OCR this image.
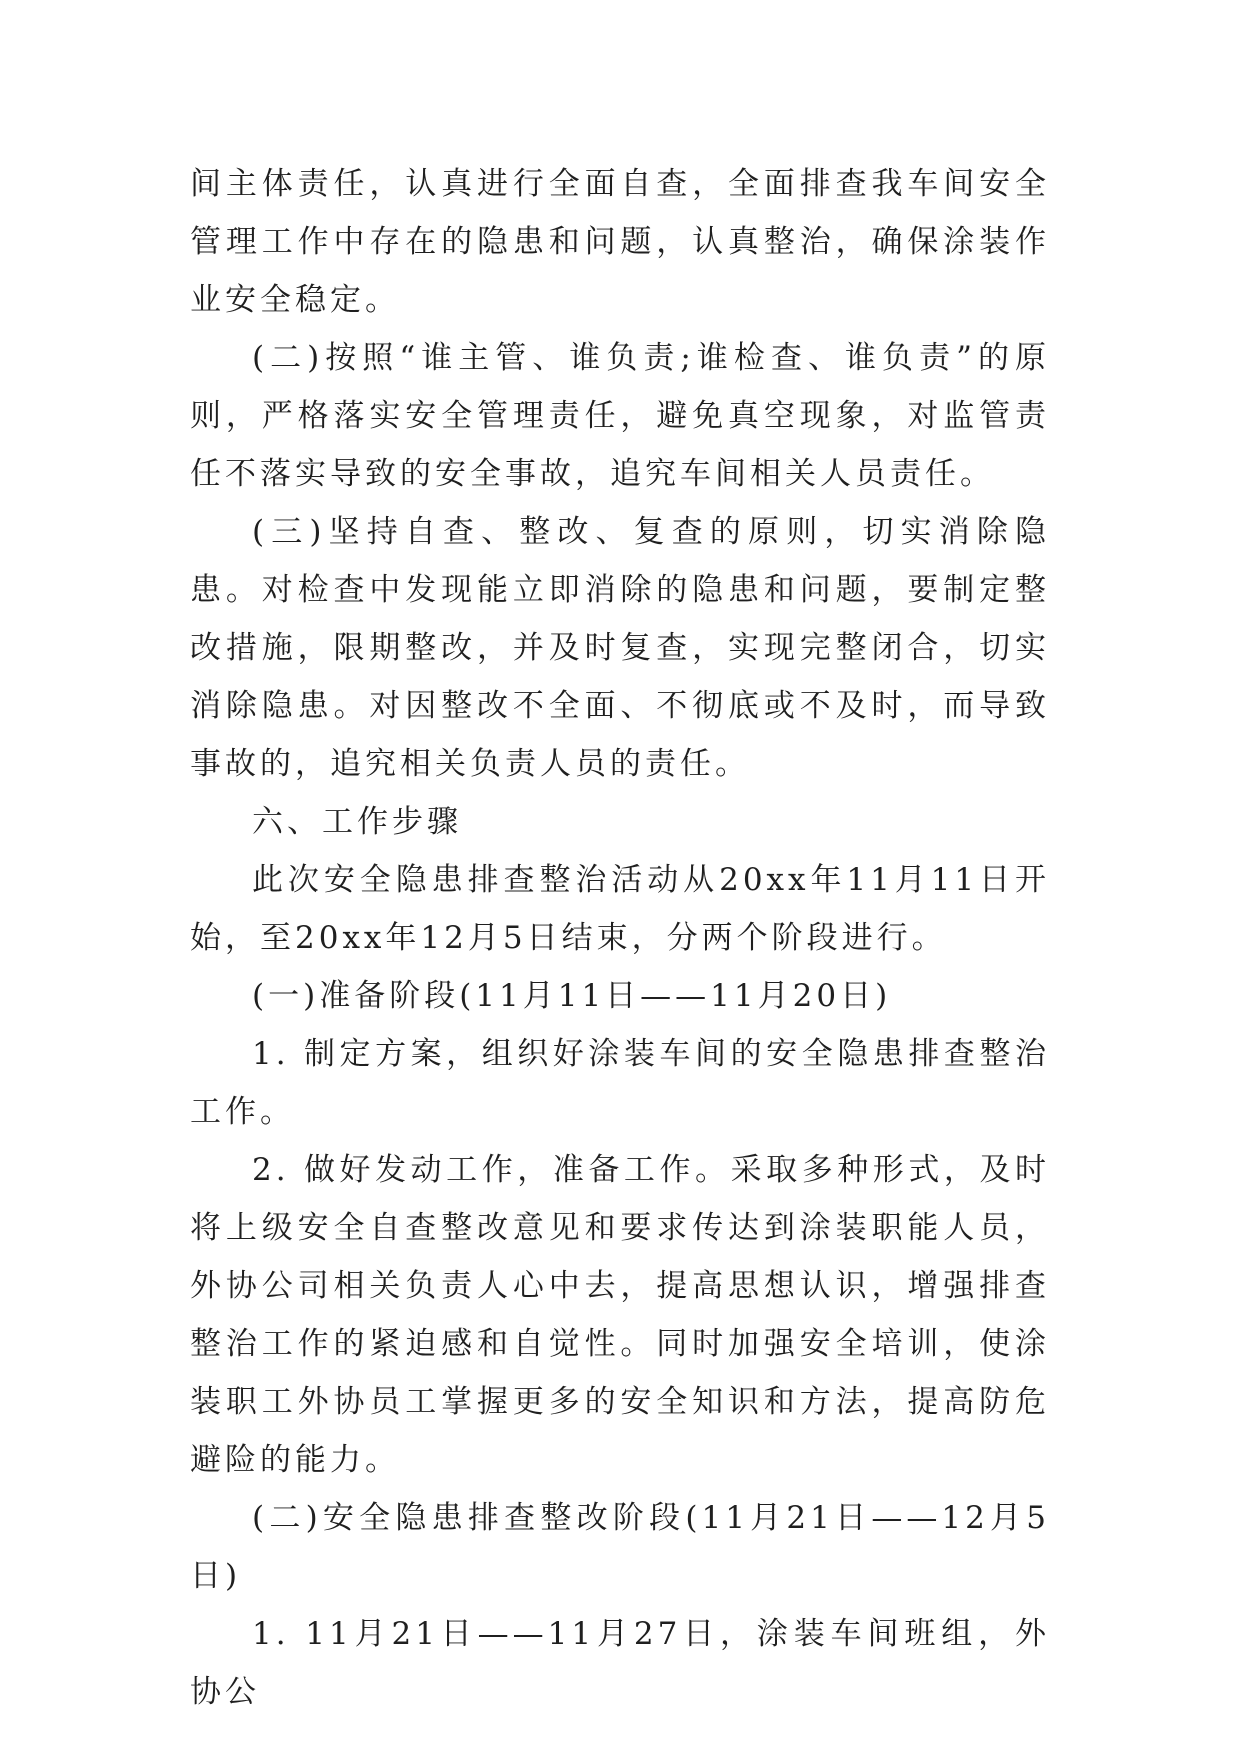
间主体责任，认真进行全面自查，全面排查我车间安全管理工作中存在的隐患和问题，认真整治，确保涂装作业安全稳定。

(二)按照“谁主管、谁负责;谁检查、谁负责”的原则，严格落实安全管理责任，避免真空现象，对监管责任不落实导致的安全事故，追究车间相关人员责任。

(三)坚持自查、整改、复查的原则，切实消除隐患。对检查中发现能立即消除的隐患和问题，要制定整改措施，限期整改，并及时复查，实现完整闭合，切实消除隐患。对因整改不全面、不彻底或不及时，而导致事故的，追究相关负责人员的责任。

六、工作步骤

此次安全隐患排查整治活动从20xx年11月11日开始，至20xx年12月5日结束，分两个阶段进行。

(一)准备阶段(11月11日——11月20日)

1. 制定方案，组织好涂装车间的安全隐患排查整治工作。

2. 做好发动工作，准备工作。采取多种形式，及时将上级安全自查整改意见和要求传达到涂装职能人员，外协公司相关负责人心中去，提高思想认识，增强排查整治工作的紧迫感和自觉性。同时加强安全培训，使涂装职工外协员工掌握更多的安全知识和方法，提高防危避险的能力。

(二)安全隐患排查整改阶段(11月21日——12月5日)

1. 11月21日——11月27日，涂装车间班组，外协公
